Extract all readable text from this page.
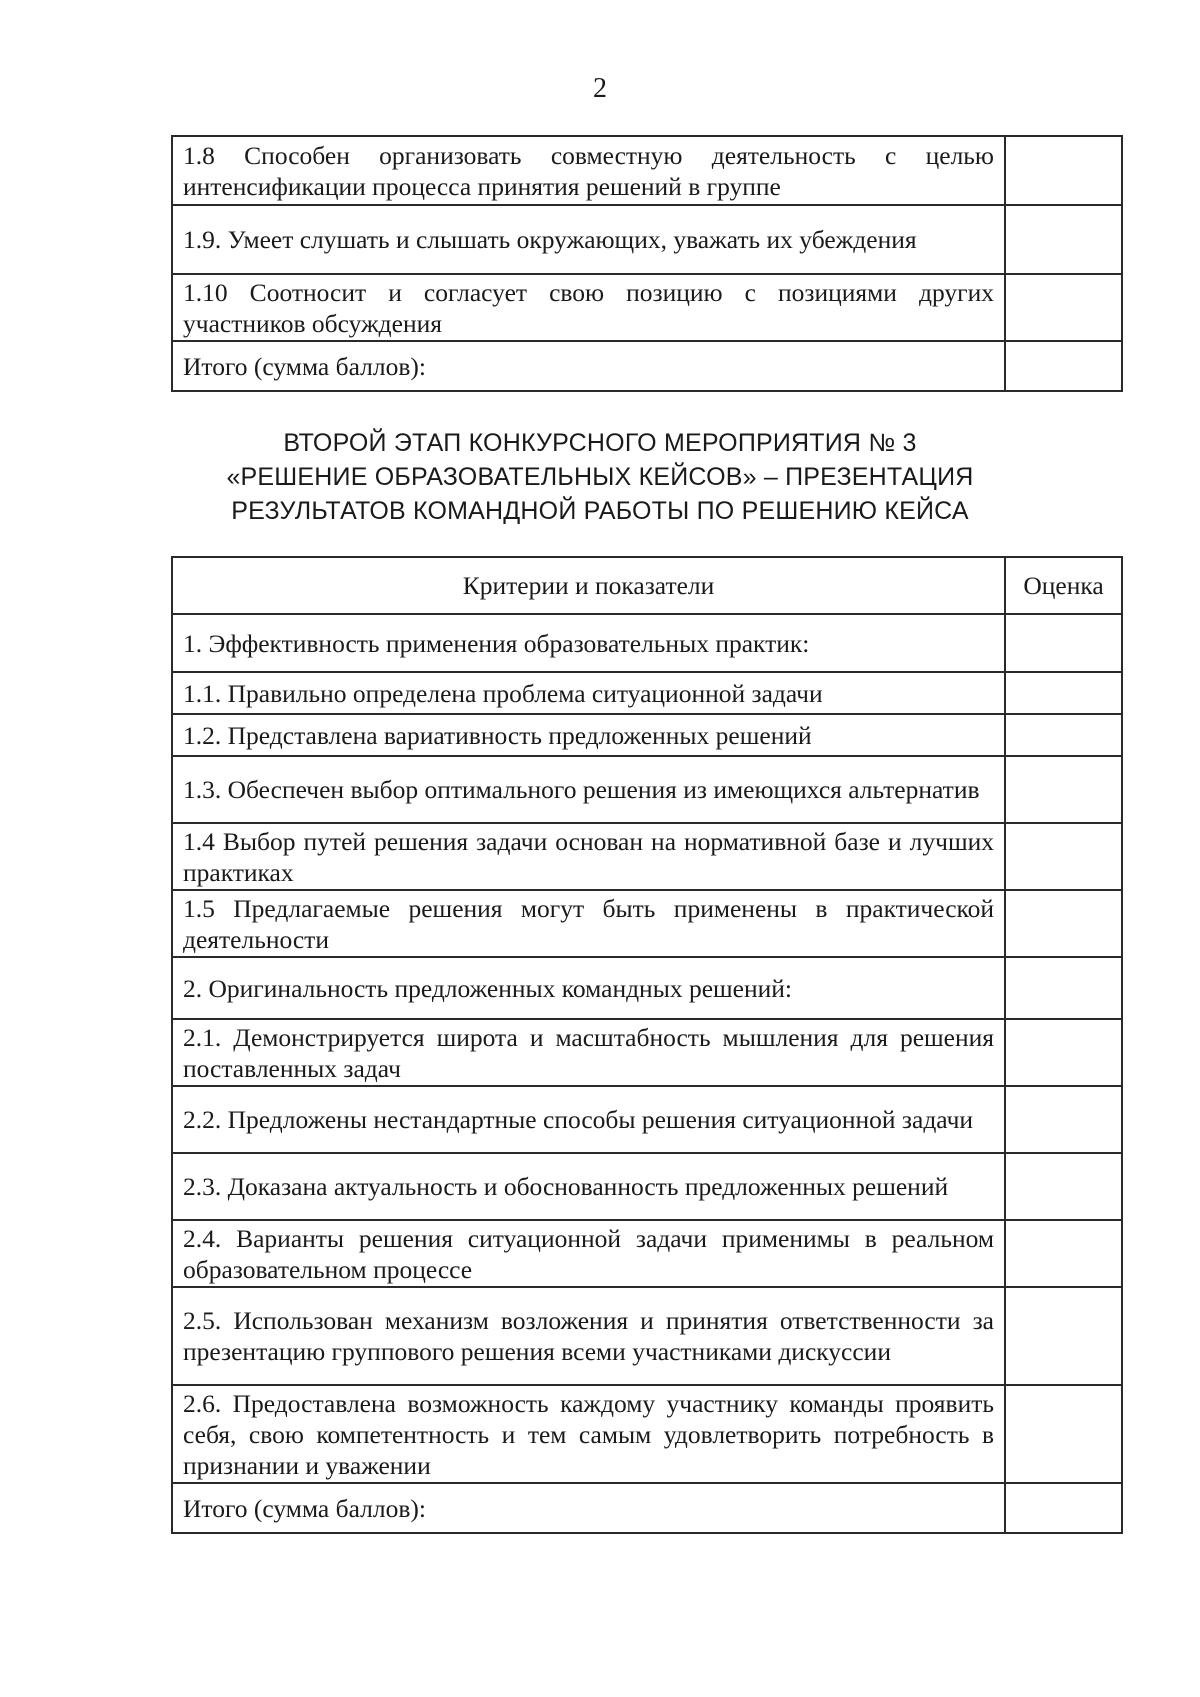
2
1.8 Способен организовать совместную деятельность с целью интенсификации процесса принятия решений в группе	
1.9. Умеет слушать и слышать окружающих, уважать их убеждения	
1.10 Соотносит и согласует свою позицию с позициями других участников обсуждения	
Итого (сумма баллов):	
ВТОРОЙ ЭТАП КОНКУРСНОГО МЕРОПРИЯТИЯ № 3
«РЕШЕНИЕ ОБРАЗОВАТЕЛЬНЫХ КЕЙСОВ» – ПРЕЗЕНТАЦИЯ
РЕЗУЛЬТАТОВ КОМАНДНОЙ РАБОТЫ ПО РЕШЕНИЮ КЕЙСА
Критерии и показатели	Оценка
1. Эффективность применения образовательных практик:	
1.1. Правильно определена проблема ситуационной задачи	
1.2. Представлена вариативность предложенных решений	
1.3. Обеспечен выбор оптимального решения из имеющихся альтернатив	
1.4 Выбор путей решения задачи основан на нормативной базе и лучших практиках	
1.5 Предлагаемые решения могут быть применены в практической деятельности	
2. Оригинальность предложенных командных решений:	
2.1. Демонстрируется широта и масштабность мышления для решения поставленных задач	
2.2. Предложены нестандартные способы решения ситуационной задачи	
2.3. Доказана актуальность и обоснованность предложенных решений	
2.4. Варианты решения ситуационной задачи применимы в реальном образовательном процессе	
2.5. Использован механизм возложения и принятия ответственности за презентацию группового решения всеми участниками дискуссии	
2.6. Предоставлена возможность каждому участнику команды проявить себя, свою компетентность и тем самым удовлетворить потребность в признании и уважении	
Итого (сумма баллов):	
